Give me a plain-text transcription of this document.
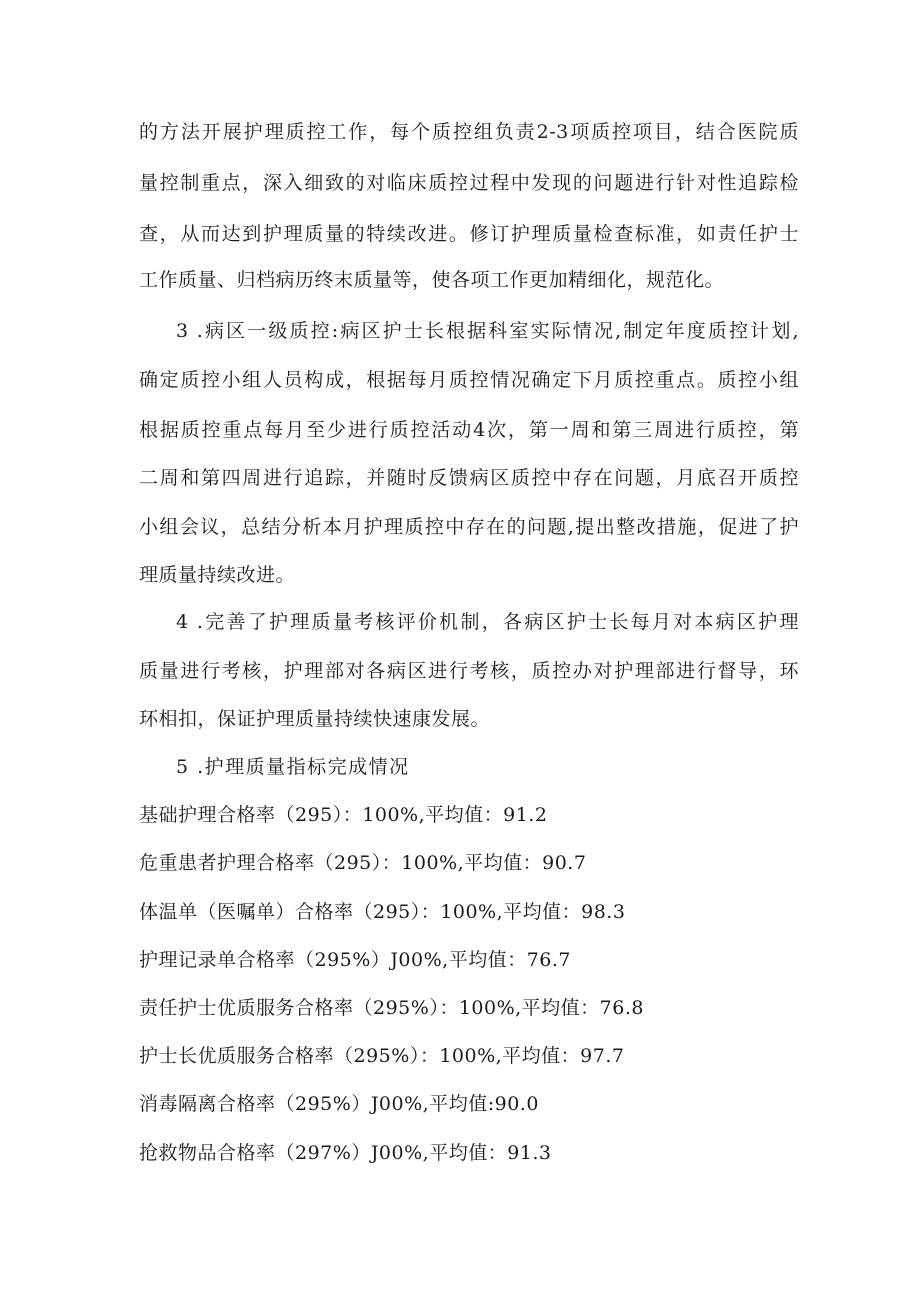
的方法开展护理质控工作，每个质控组负责2-3项质控项目，结合医院质
量控制重点，深入细致的对临床质控过程中发现的问题进行针对性追踪检
查，从而达到护理质量的特续改进。修订护理质量检查标准，如责任护士
工作质量、归档病历终末质量等，使各项工作更加精细化，规范化。
3 .病区一级质控:病区护士长根据科室实际情况,制定年度质控计划,
确定质控小组人员构成，根据每月质控情况确定下月质控重点。质控小组
根据质控重点每月至少进行质控活动4次，第一周和第三周进行质控，第
二周和第四周进行追踪，并随时反馈病区质控中存在问题，月底召开质控
小组会议，总结分析本月护理质控中存在的问题,提出整改措施，促进了护
理质量持续改进。
4 .完善了护理质量考核评价机制，各病区护士长每月对本病区护理
质量进行考核，护理部对各病区进行考核，质控办对护理部进行督导，环
环相扣，保证护理质量持续快速康发展。
5 .护理质量指标完成情况
基础护理合格率（295）：100%,平均值：91.2
危重患者护理合格率（295）：100%,平均值：90.7
体温单（医嘱单）合格率（295）：100%,平均值：98.3
护理记录单合格率（295%）J00%,平均值：76.7
责任护士优质服务合格率（295%）：100%,平均值：76.8
护士长优质服务合格率（295%）：100%,平均值：97.7
消毒隔离合格率（295%）J00%,平均值:90.0
抢救物品合格率（297%）J00%,平均值：91.3
